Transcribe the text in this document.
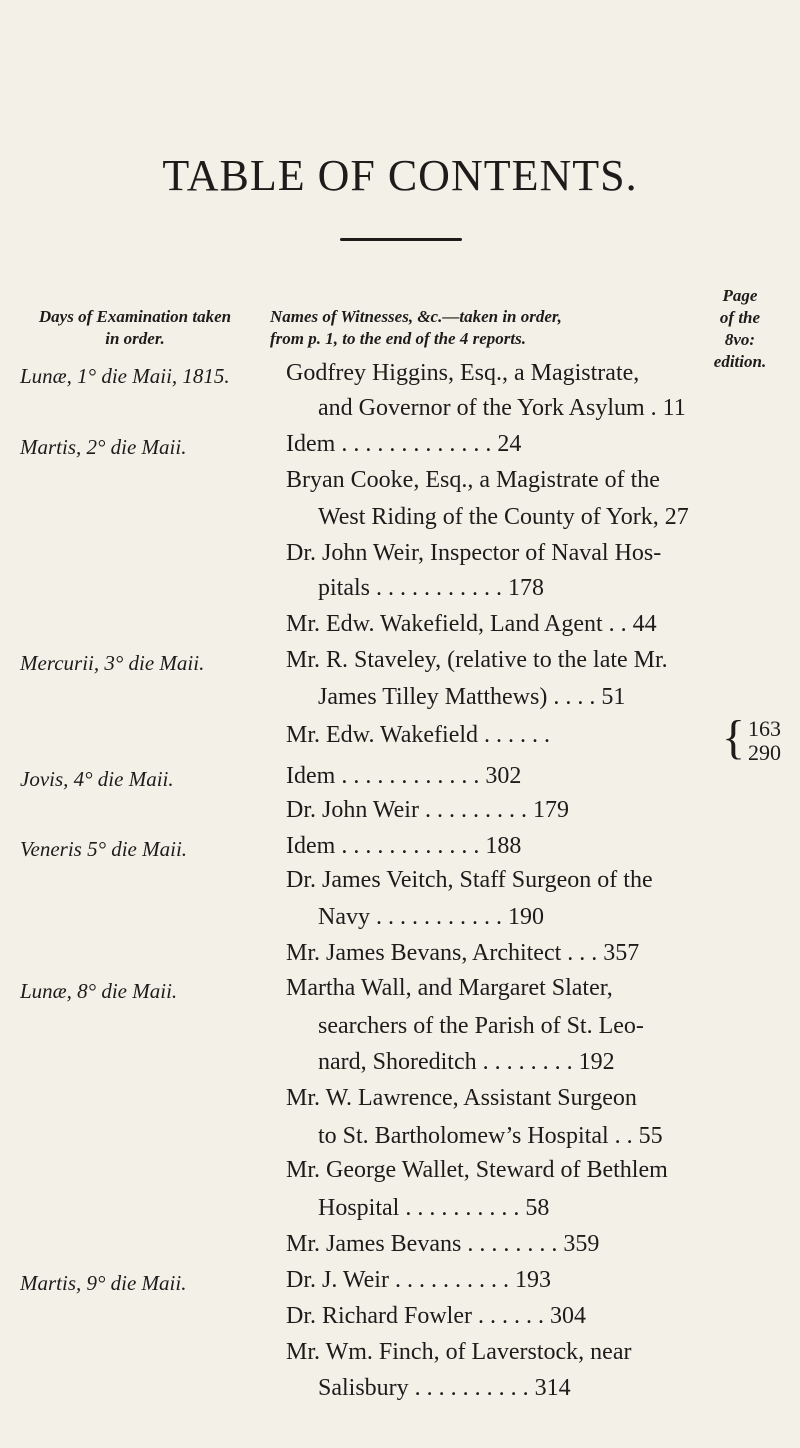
TABLE OF CONTENTS.
Days of Examination taken
in order.
Names of Witnesses, &c.—taken in order,
from p. 1, to the end of the 4 reports.
Page
of the
8vo:
edition.
Lunæ, 1° die Maii, 1815. Godfrey Higgins, Esq., a Magistrate,
and Governor of the York Asylum . 11
Martis, 2° die Maii.	Idem . . . . . . . . . . . . . 24
Bryan Cooke, Esq., a Magistrate of the
West Riding of the County of York, 27
Dr. John Weir, Inspector of Naval Hos-
pitals . . . . . . . . . . . 178
Mr. Edw. Wakefield, Land Agent . . 44
Mercurii, 3° die Maii.	Mr. R. Staveley, (relative to the late Mr.
James Tilley Matthews) . . . . 51
Mr. Edw. Wakefield . . . . . .	{ 163
290
Jovis, 4° die Maii.	Idem . . . . . . . . . . . . 302
Dr. John Weir . . . . . . . . . 179
Veneris 5° die Maii.	Idem . . . . . . . . . . . . 188
Dr. James Veitch, Staff Surgeon of the
Navy . . . . . . . . . . . 190
Mr. James Bevans, Architect . . . 357
Lunæ, 8° die Maii.	Martha Wall, and Margaret Slater,
searchers of the Parish of St. Leo-
nard, Shoreditch . . . . . . . . 192
Mr. W. Lawrence, Assistant Surgeon
to St. Bartholomew’s Hospital . . 55
Mr. George Wallet, Steward of Bethlem
Hospital . . . . . . . . . . 58
Mr. James Bevans . . . . . . . . 359
Martis, 9° die Maii.	Dr. J. Weir . . . . . . . . . . 193
Dr. Richard Fowler . . . . . . 304
Mr. Wm. Finch, of Laverstock, near
Salisbury . . . . . . . . . . 314
